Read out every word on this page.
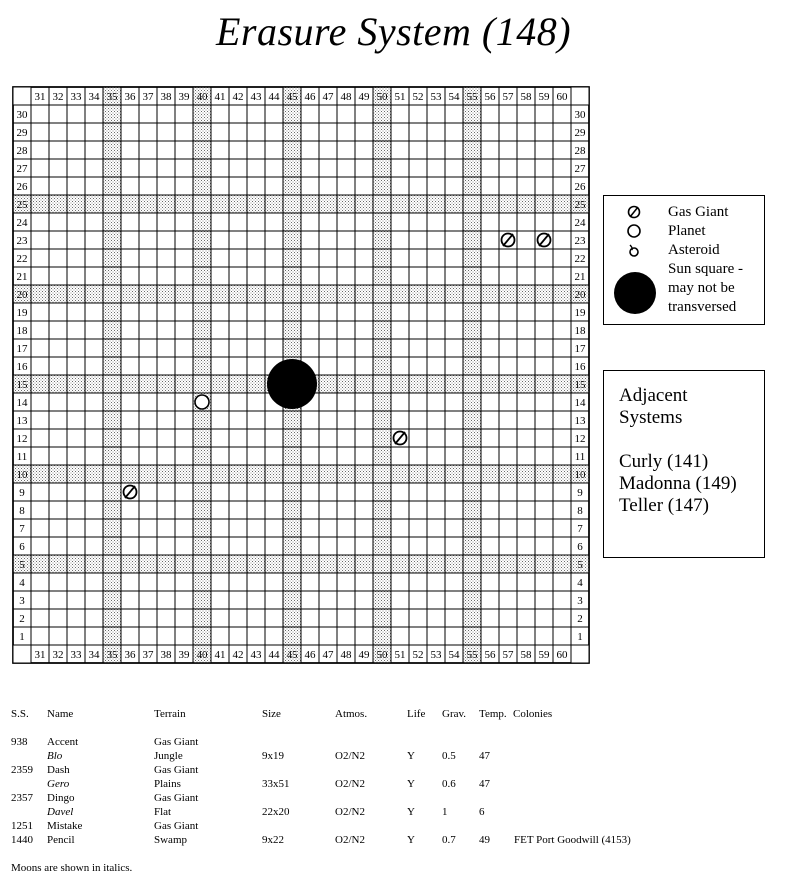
Erasure System (148)
31
31
32
32
33
33
34
34
35
35
36
36
37
37
38
38
39
39
40
40
41
41
42
42
43
43
44
44
45
45
46
46
47
47
48
48
49
49
50
50
51
51
52
52
53
53
54
54
55
55
56
56
57
57
58
58
59
59
60
60
1	1
2	2
3	3
4	4
5	5
6	6
7	7
8	8
9	9
10	10
11	11
12	12
13	13
14	14
15	15
16	16
17	17
18	18
19	19
20	20
21	21
22	22
23	23
24	24
25	25
26	26
27	27
28	28
29	29
30	30
Gas Giant
Planet
Asteroid
Sun square -
may not be
transversed
Adjacent
Systems
Curly (141)
Madonna (149)
Teller (147)
S.S. Name	Terrain	Size	Atmos.	Life Grav. Temp. Colonies
938 Accent	Gas Giant
Blo	Jungle	9x19	O2/N2	Y 0.5 47
2359 Dash	Gas Giant
Gero	Plains	33x51	O2/N2	Y 0.6 47
2357 Dingo	Gas Giant
Davel	Flat	22x20	O2/N2	Y 1	6
1251 Mistake	Gas Giant
1440 Pencil	Swamp	9x22	O2/N2	Y 0.7 49 FET Port Goodwill (4153)
Moons are shown in italics.
